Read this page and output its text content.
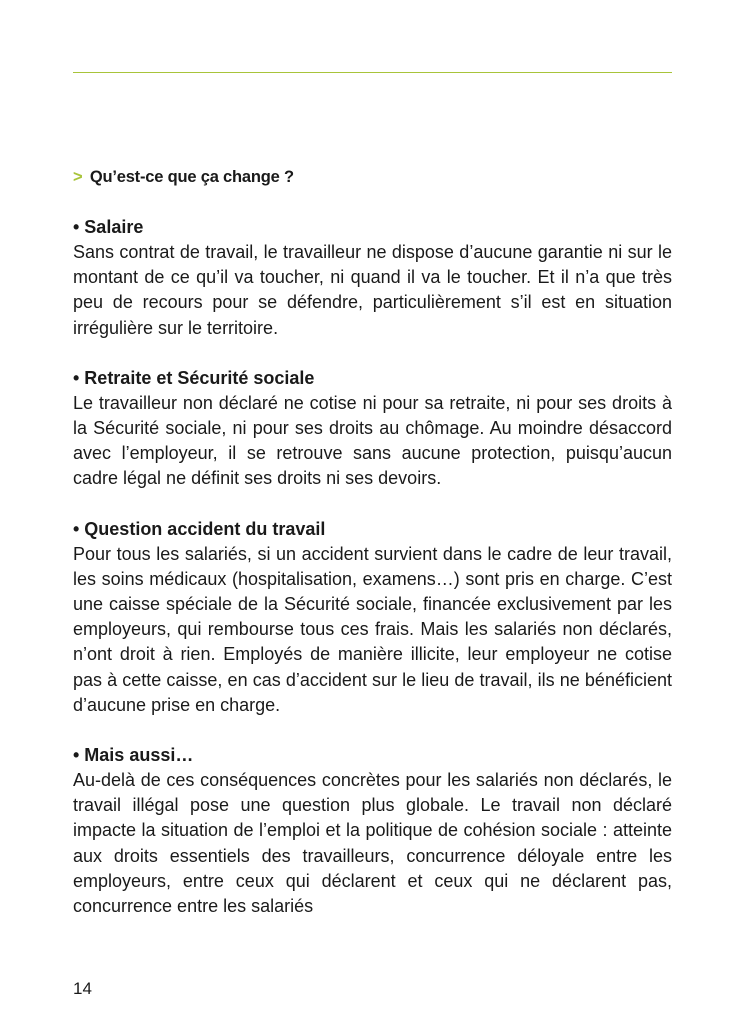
> Qu’est-ce que ça change ?

• Salaire

Sans contrat de travail, le travailleur ne dispose d’aucune garantie ni sur le montant de ce qu’il va toucher, ni quand il va le toucher. Et il n’a que très peu de recours pour se défendre, particulièrement s’il est en situation irrégulière sur le territoire.

• Retraite et Sécurité sociale

Le travailleur non déclaré ne cotise ni pour sa retraite, ni pour ses droits à la Sécurité sociale, ni pour ses droits au chômage. Au moindre désaccord avec l’employeur, il se retrouve sans aucune protection, puisqu’aucun cadre légal ne définit ses droits ni ses devoirs.

• Question accident du travail

Pour tous les salariés, si un accident survient dans le cadre de leur travail, les soins médicaux (hospitalisation, examens…) sont pris en charge. C’est une caisse spéciale de la Sécurité sociale, financée exclusivement par les employeurs, qui rembourse tous ces frais. Mais les salariés non déclarés, n’ont droit à rien. Employés de manière illicite, leur employeur ne cotise pas à cette caisse, en cas d’accident sur le lieu de travail, ils ne bénéficient d’aucune prise en charge.

• Mais aussi…

Au-delà de ces conséquences concrètes pour les salariés non déclarés, le travail illégal pose une question plus globale. Le travail non déclaré impacte la situation de l’emploi et la politique de cohésion sociale : atteinte aux droits essentiels des travailleurs, concurrence déloyale entre les employeurs, entre ceux qui déclarent et ceux qui ne déclarent pas, concurrence entre les salariés

14
